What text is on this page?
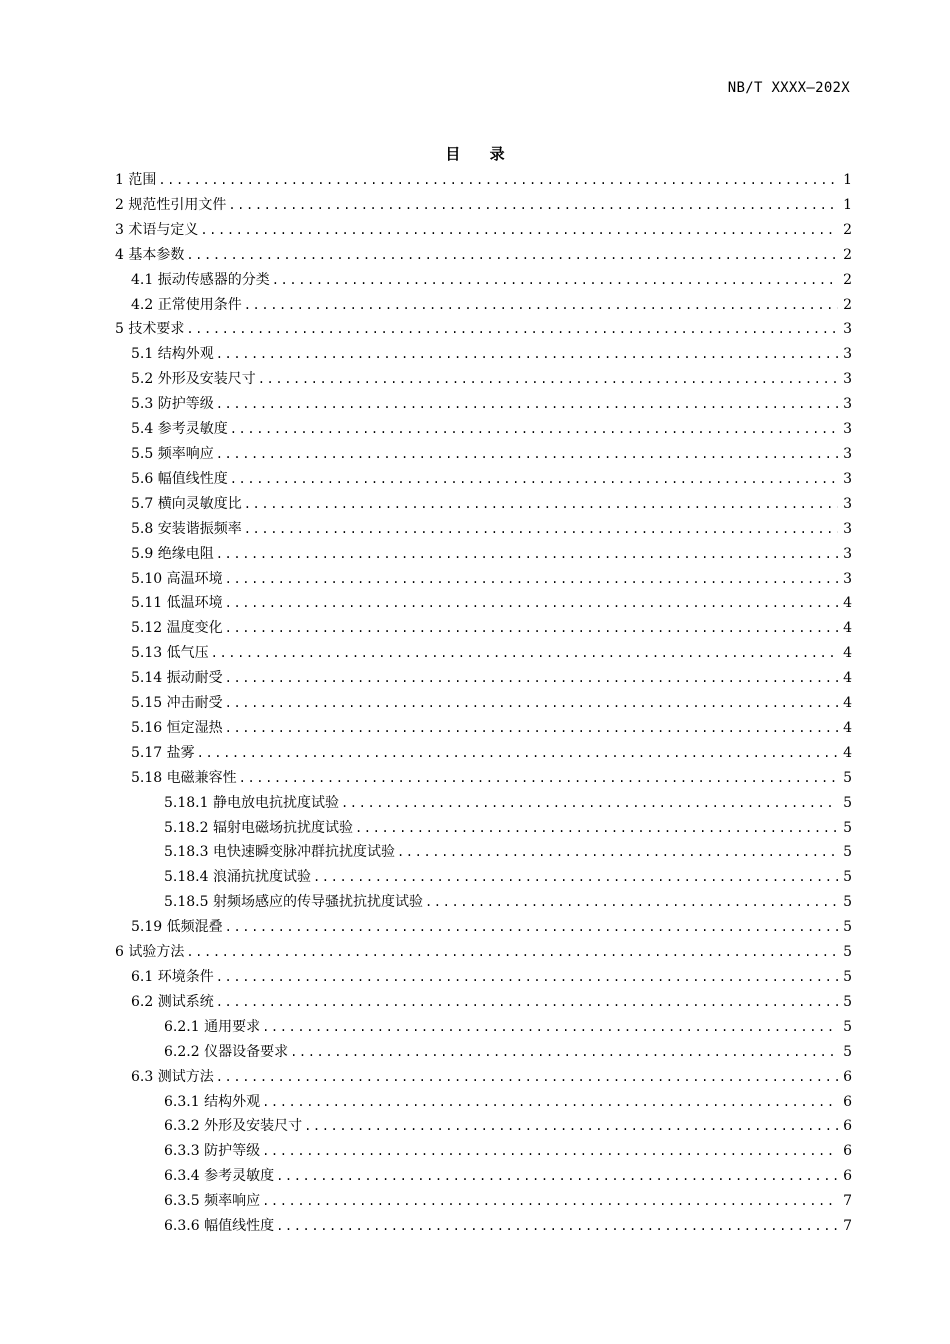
NB/T XXXX—202X
目 录
1 范围 .....	1
2 规范性引用文件 .....	1
3 术语与定义 .....	2
4 基本参数 .....	2
4.1 振动传感器的分类 .....	2
4.2 正常使用条件 .....	2
5 技术要求 .....	3
5.1 结构外观 .....	3
5.2 外形及安装尺寸 .....	3
5.3 防护等级 .....	3
5.4 参考灵敏度 .....	3
5.5 频率响应 .....	3
5.6 幅值线性度 .....	3
5.7 横向灵敏度比 .....	3
5.8 安装谐振频率 .....	3
5.9 绝缘电阻 .....	3
5.10 高温环境 .....	3
5.11 低温环境 .....	4
5.12 温度变化 .....	4
5.13 低气压 .....	4
5.14 振动耐受 .....	4
5.15 冲击耐受 .....	4
5.16 恒定湿热 .....	4
5.17 盐雾 .....	4
5.18 电磁兼容性 .....	5
5.18.1 静电放电抗扰度试验 .....	5
5.18.2 辐射电磁场抗扰度试验 .....	5
5.18.3 电快速瞬变脉冲群抗扰度试验 .....	5
5.18.4 浪涌抗扰度试验 .....	5
5.18.5 射频场感应的传导骚扰抗扰度试验 .....	5
5.19 低频混叠 .....	5
6 试验方法 .....	5
6.1 环境条件 .....	5
6.2 测试系统 .....	5
6.2.1 通用要求 .....	5
6.2.2 仪器设备要求 .....	5
6.3 测试方法 .....	6
6.3.1 结构外观 .....	6
6.3.2 外形及安装尺寸 .....	6
6.3.3 防护等级 .....	6
6.3.4 参考灵敏度 .....	6
6.3.5 频率响应 .....	7
6.3.6 幅值线性度 .....	7
